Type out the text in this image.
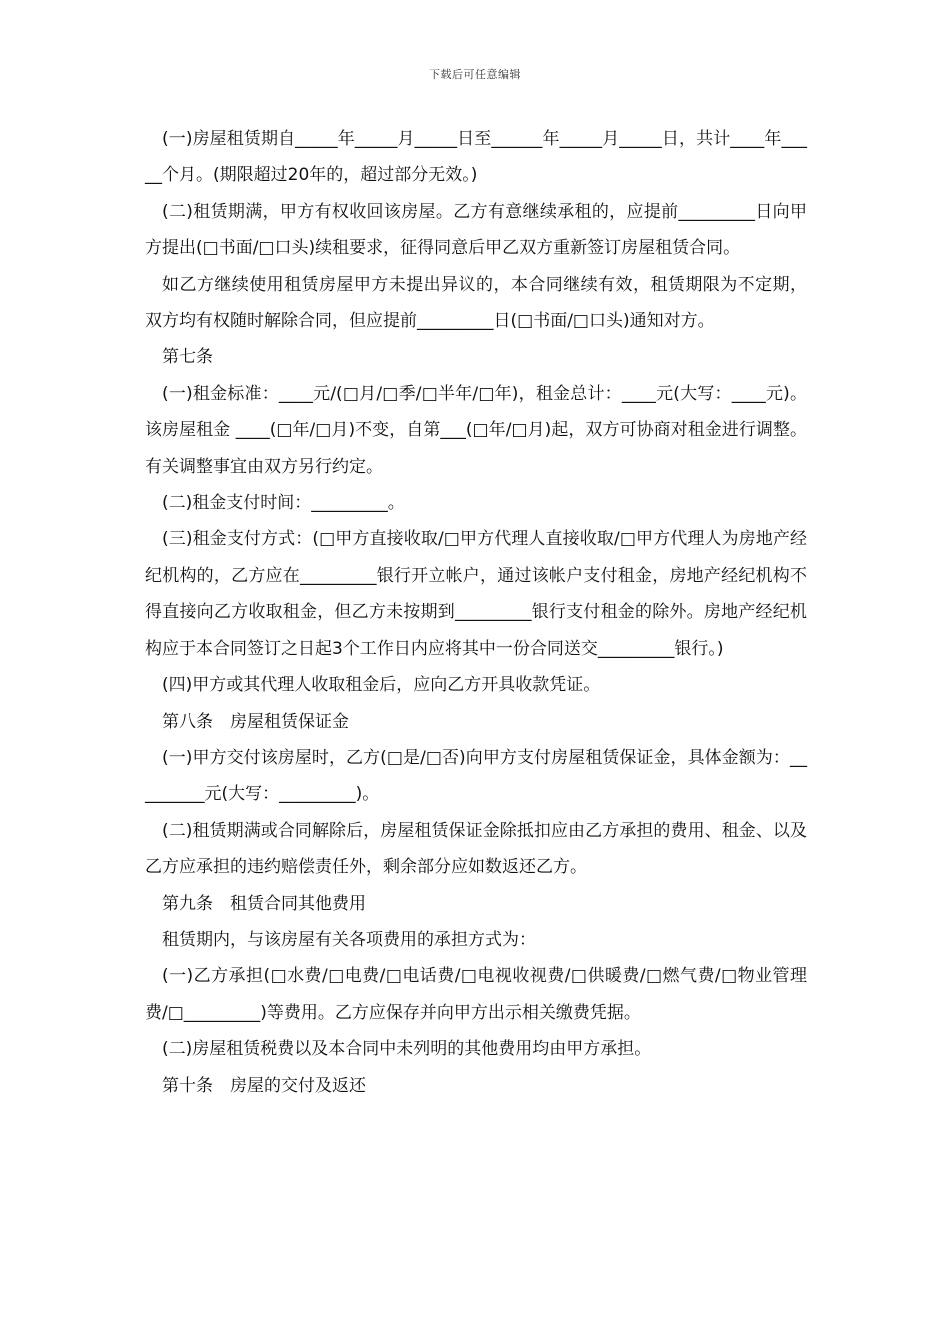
下载后可任意编辑

(一)房屋租赁期自_____年_____月_____日至______年_____月_____日，共计____年_____个月。(期限超过20年的，超过部分无效。)

(二)租赁期满，甲方有权收回该房屋。乙方有意继续承租的，应提前_________日向甲方提出(□书面/□口头)续租要求，征得同意后甲乙双方重新签订房屋租赁合同。

如乙方继续使用租赁房屋甲方未提出异议的，本合同继续有效，租赁期限为不定期，双方均有权随时解除合同，但应提前_________日(□书面/□口头)通知对方。

第七条

(一)租金标准：____元/(□月/□季/□半年/□年)，租金总计：____元(大写：____元)。该房屋租金 ____(□年/□月)不变，自第___(□年/□月)起，双方可协商对租金进行调整。有关调整事宜由双方另行约定。

(二)租金支付时间：_________。

(三)租金支付方式：(□甲方直接收取/□甲方代理人直接收取/□甲方代理人为房地产经纪机构的，乙方应在_________银行开立帐户，通过该帐户支付租金，房地产经纪机构不得直接向乙方收取租金，但乙方未按期到_________银行支付租金的除外。房地产经纪机构应于本合同签订之日起3个工作日内应将其中一份合同送交_________银行。)

(四)甲方或其代理人收取租金后，应向乙方开具收款凭证。

第八条　房屋租赁保证金

(一)甲方交付该房屋时，乙方(□是/□否)向甲方支付房屋租赁保证金，具体金额为：_________元(大写：_________)。

(二)租赁期满或合同解除后，房屋租赁保证金除抵扣应由乙方承担的费用、租金、以及乙方应承担的违约赔偿责任外，剩余部分应如数返还乙方。

第九条　租赁合同其他费用

租赁期内，与该房屋有关各项费用的承担方式为：

(一)乙方承担(□水费/□电费/□电话费/□电视收视费/□供暖费/□燃气费/□物业管理费/□_________)等费用。乙方应保存并向甲方出示相关缴费凭据。

(二)房屋租赁税费以及本合同中未列明的其他费用均由甲方承担。

第十条　房屋的交付及返还
